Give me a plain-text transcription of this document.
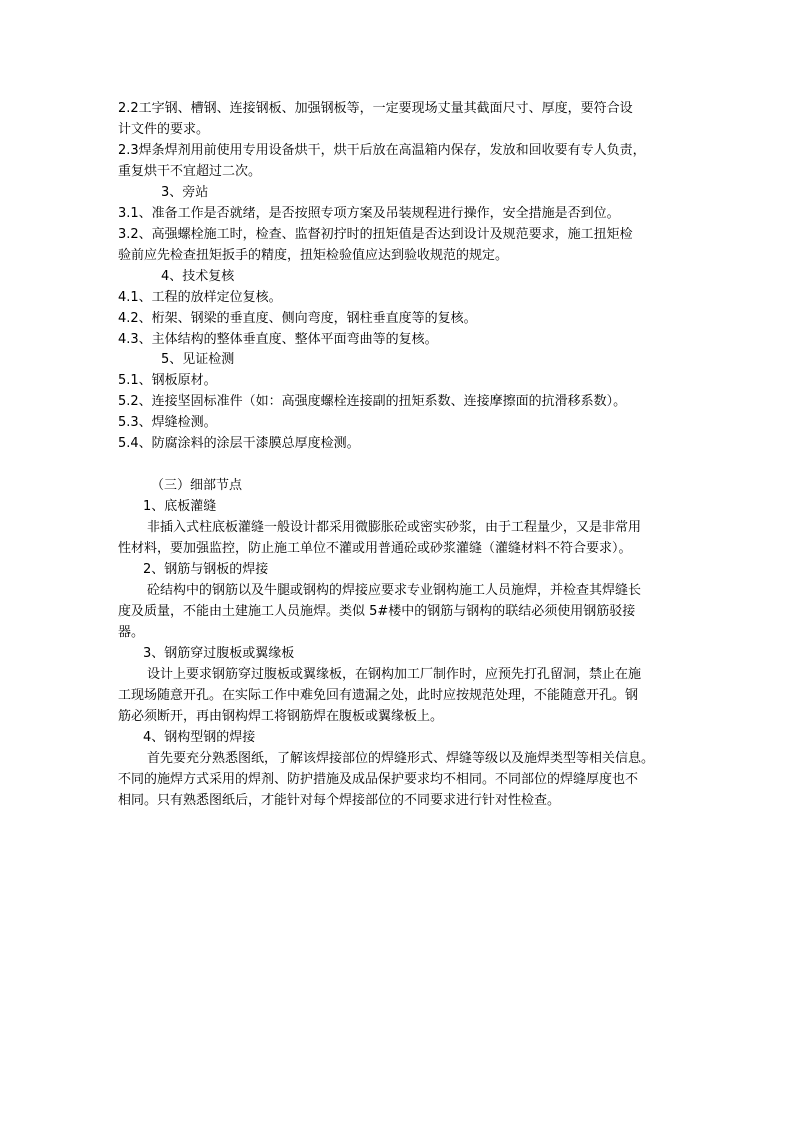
2.2工字钢、槽钢、连接钢板、加强钢板等，一定要现场丈量其截面尺寸、厚度，要符合设
计文件的要求。
2.3焊条焊剂用前使用专用设备烘干，烘干后放在高温箱内保存，发放和回收要有专人负责，
重复烘干不宜超过二次。
3、旁站
3.1、准备工作是否就绪，是否按照专项方案及吊装规程进行操作，安全措施是否到位。
3.2、高强螺栓施工时，检查、监督初拧时的扭矩值是否达到设计及规范要求，施工扭矩检
验前应先检查扭矩扳手的精度，扭矩检验值应达到验收规范的规定。
4、技术复核
4.1、工程的放样定位复核。
4.2、桁架、钢梁的垂直度、侧向弯度，钢柱垂直度等的复核。
4.3、主体结构的整体垂直度、整体平面弯曲等的复核。
5、见证检测
5.1、钢板原材。
5.2、连接坚固标准件（如：高强度螺栓连接副的扭矩系数、连接摩擦面的抗滑移系数）。
5.3、焊缝检测。
5.4、防腐涂料的涂层干漆膜总厚度检测。
（三）细部节点
1、底板灌缝
非插入式柱底板灌缝一般设计都采用微膨胀砼或密实砂浆，由于工程量少，又是非常用
性材料，要加强监控，防止施工单位不灌或用普通砼或砂浆灌缝（灌缝材料不符合要求）。
2、钢筋与钢板的焊接
砼结构中的钢筋以及牛腿或钢构的焊接应要求专业钢构施工人员施焊，并检查其焊缝长
度及质量，不能由土建施工人员施焊。类似 5#楼中的钢筋与钢构的联结必须使用钢筋驳接
器。
3、钢筋穿过腹板或翼缘板
设计上要求钢筋穿过腹板或翼缘板，在钢构加工厂制作时，应预先打孔留洞，禁止在施
工现场随意开孔。在实际工作中难免回有遗漏之处，此时应按规范处理，不能随意开孔。钢
筋必须断开，再由钢构焊工将钢筋焊在腹板或翼缘板上。
4、钢构型钢的焊接
首先要充分熟悉图纸，了解该焊接部位的焊缝形式、焊缝等级以及施焊类型等相关信息。
不同的施焊方式采用的焊剂、防护措施及成品保护要求均不相同。不同部位的焊缝厚度也不
相同。只有熟悉图纸后，才能针对每个焊接部位的不同要求进行针对性检查。
